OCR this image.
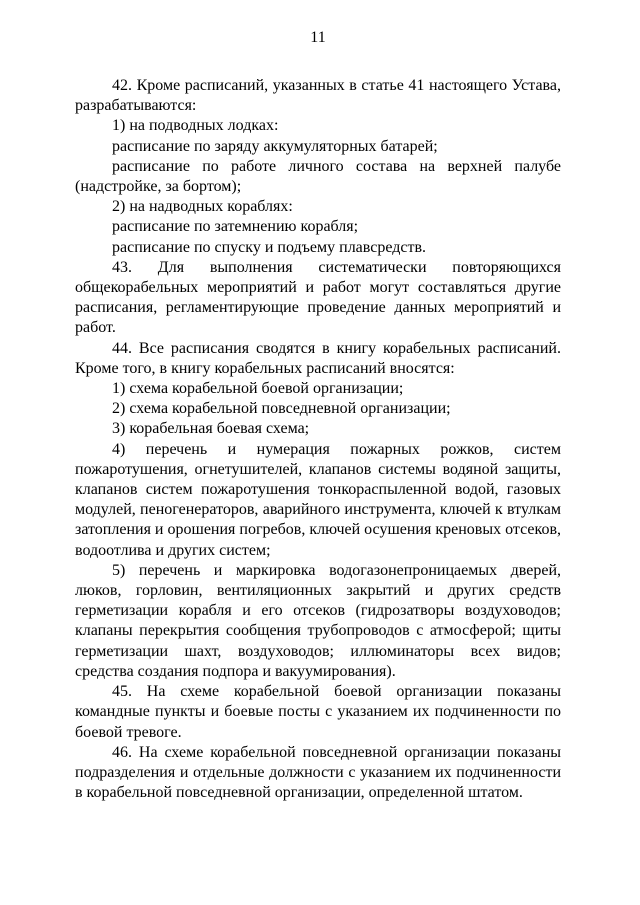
11

42. Кроме расписаний, указанных в статье 41 настоящего Устава, разрабатываются:

1) на подводных лодках:

расписание по заряду аккумуляторных батарей;

расписание по работе личного состава на верхней палубе (надстройке, за бортом);

2) на надводных кораблях:

расписание по затемнению корабля;

расписание по спуску и подъему плавсредств.

43. Для выполнения систематически повторяющихся общекорабельных мероприятий и работ могут составляться другие расписания, регламентирующие проведение данных мероприятий и работ.

44. Все расписания сводятся в книгу корабельных расписаний. Кроме того, в книгу корабельных расписаний вносятся:

1) схема корабельной боевой организации;

2) схема корабельной повседневной организации;

3) корабельная боевая схема;

4) перечень и нумерация пожарных рожков, систем пожаротушения, огнетушителей, клапанов системы водяной защиты, клапанов систем пожаротушения тонкораспыленной водой, газовых модулей, пеногенераторов, аварийного инструмента, ключей к втулкам затопления и орошения погребов, ключей осушения креновых отсеков, водоотлива и других систем;

5) перечень и маркировка водогазонепроницаемых дверей, люков, горловин, вентиляционных закрытий и других средств герметизации корабля и его отсеков (гидрозатворы воздуховодов; клапаны перекрытия сообщения трубопроводов с атмосферой; щиты герметизации шахт, воздуховодов; иллюминаторы всех видов; средства создания подпора и вакуумирования).

45. На схеме корабельной боевой организации показаны командные пункты и боевые посты с указанием их подчиненности по боевой тревоге.

46. На схеме корабельной повседневной организации показаны подразделения и отдельные должности с указанием их подчиненности в корабельной повседневной организации, определенной штатом.
